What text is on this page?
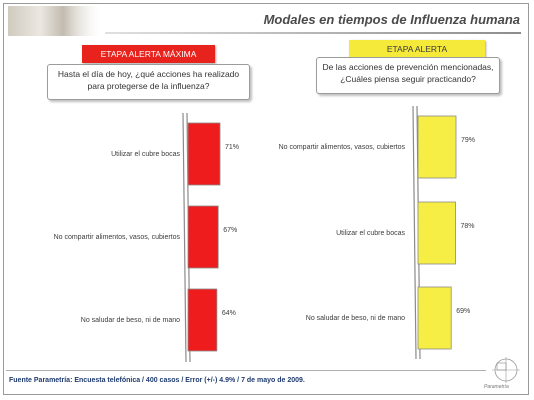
Modales en tiempos de Influenza humana
ETAPA ALERTA MÁXIMA	ETAPA ALERTA
Hasta el día de hoy, ¿qué acciones ha realizado
para protegerse de la influenza?
De las acciones de prevención mencionadas,
¿Cuáles piensa seguir practicando?
Utilizar el cubre bocas
71%
No compartir alimentos, vasos, cubiertos
67%
No saludar de beso, ni de mano
64%
No compartir alimentos, vasos, cubiertos
79%
Utilizar el cubre bocas
78%
No saludar de beso, ni de mano
69%
Fuente Parametría: Encuesta telefónica / 400 casos / Error (+/-) 4.9% / 7 de mayo de 2009.
Parametría
